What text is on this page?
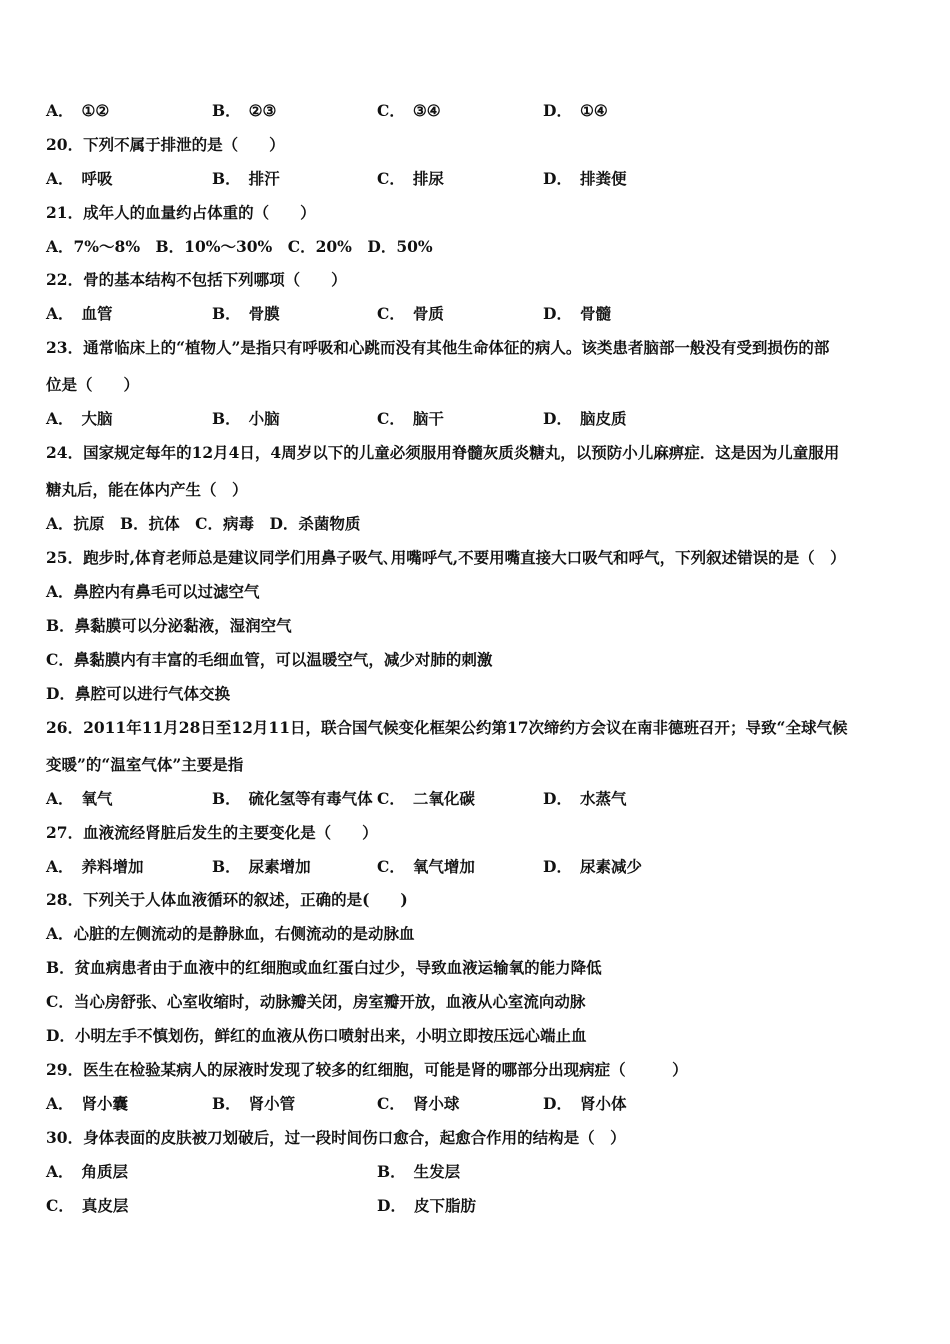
A． ①②	B． ②③	C． ③④	D． ①④
20．下列不属于排泄的是（　　）
A． 呼吸	B． 排汗	C． 排尿	D． 排粪便
21．成年人的血量约占体重的（　　）
A．7%～8%　B．10%～30%　C．20%　D．50%
22．骨的基本结构不包括下列哪项（　　）
A． 血管	B． 骨膜	C． 骨质	D． 骨髓
23．通常临床上的“植物人”是指只有呼吸和心跳而没有其他生命体征的病人。该类患者脑部一般没有受到损伤的部
位是（　　）
A． 大脑	B． 小脑	C． 脑干	D． 脑皮质
24．国家规定每年的12月4日，4周岁以下的儿童必须服用脊髓灰质炎糖丸，以预防小儿麻痹症．这是因为儿童服用
糖丸后，能在体内产生（　）
A．抗原　B．抗体　C．病毒　D．杀菌物质
25．跑步时,体育老师总是建议同学们用鼻子吸气､用嘴呼气,不要用嘴直接大口吸气和呼气，下列叙述错误的是（　）
A．鼻腔内有鼻毛可以过滤空气
B．鼻黏膜可以分泌黏液，湿润空气
C．鼻黏膜内有丰富的毛细血管，可以温暖空气，减少对肺的刺激
D．鼻腔可以进行气体交换
26．2011年11月28日至12月11日，联合国气候变化框架公约第17次缔约方会议在南非德班召开；导致“全球气候
变暖”的“温室气体”主要是指
A． 氧气	B． 硫化氢等有毒气体 C． 二氧化碳	D． 水蒸气
27．血液流经肾脏后发生的主要变化是（　　）
A． 养料增加	B． 尿素增加	C． 氧气增加	D． 尿素减少
28．下列关于人体血液循环的叙述，正确的是(　　)
A．心脏的左侧流动的是静脉血，右侧流动的是动脉血
B．贫血病患者由于血液中的红细胞或血红蛋白过少，导致血液运输氧的能力降低
C．当心房舒张、心室收缩时，动脉瓣关闭，房室瓣开放，血液从心室流向动脉
D．小明左手不慎划伤，鲜红的血液从伤口喷射出来，小明立即按压远心端止血
29．医生在检验某病人的尿液时发现了较多的红细胞，可能是肾的哪部分出现病症（　　　）
A． 肾小囊	B． 肾小管	C． 肾小球	D． 肾小体
30．身体表面的皮肤被刀划破后，过一段时间伤口愈合，起愈合作用的结构是（　）
A． 角质层	B． 生发层
C． 真皮层	D． 皮下脂肪
